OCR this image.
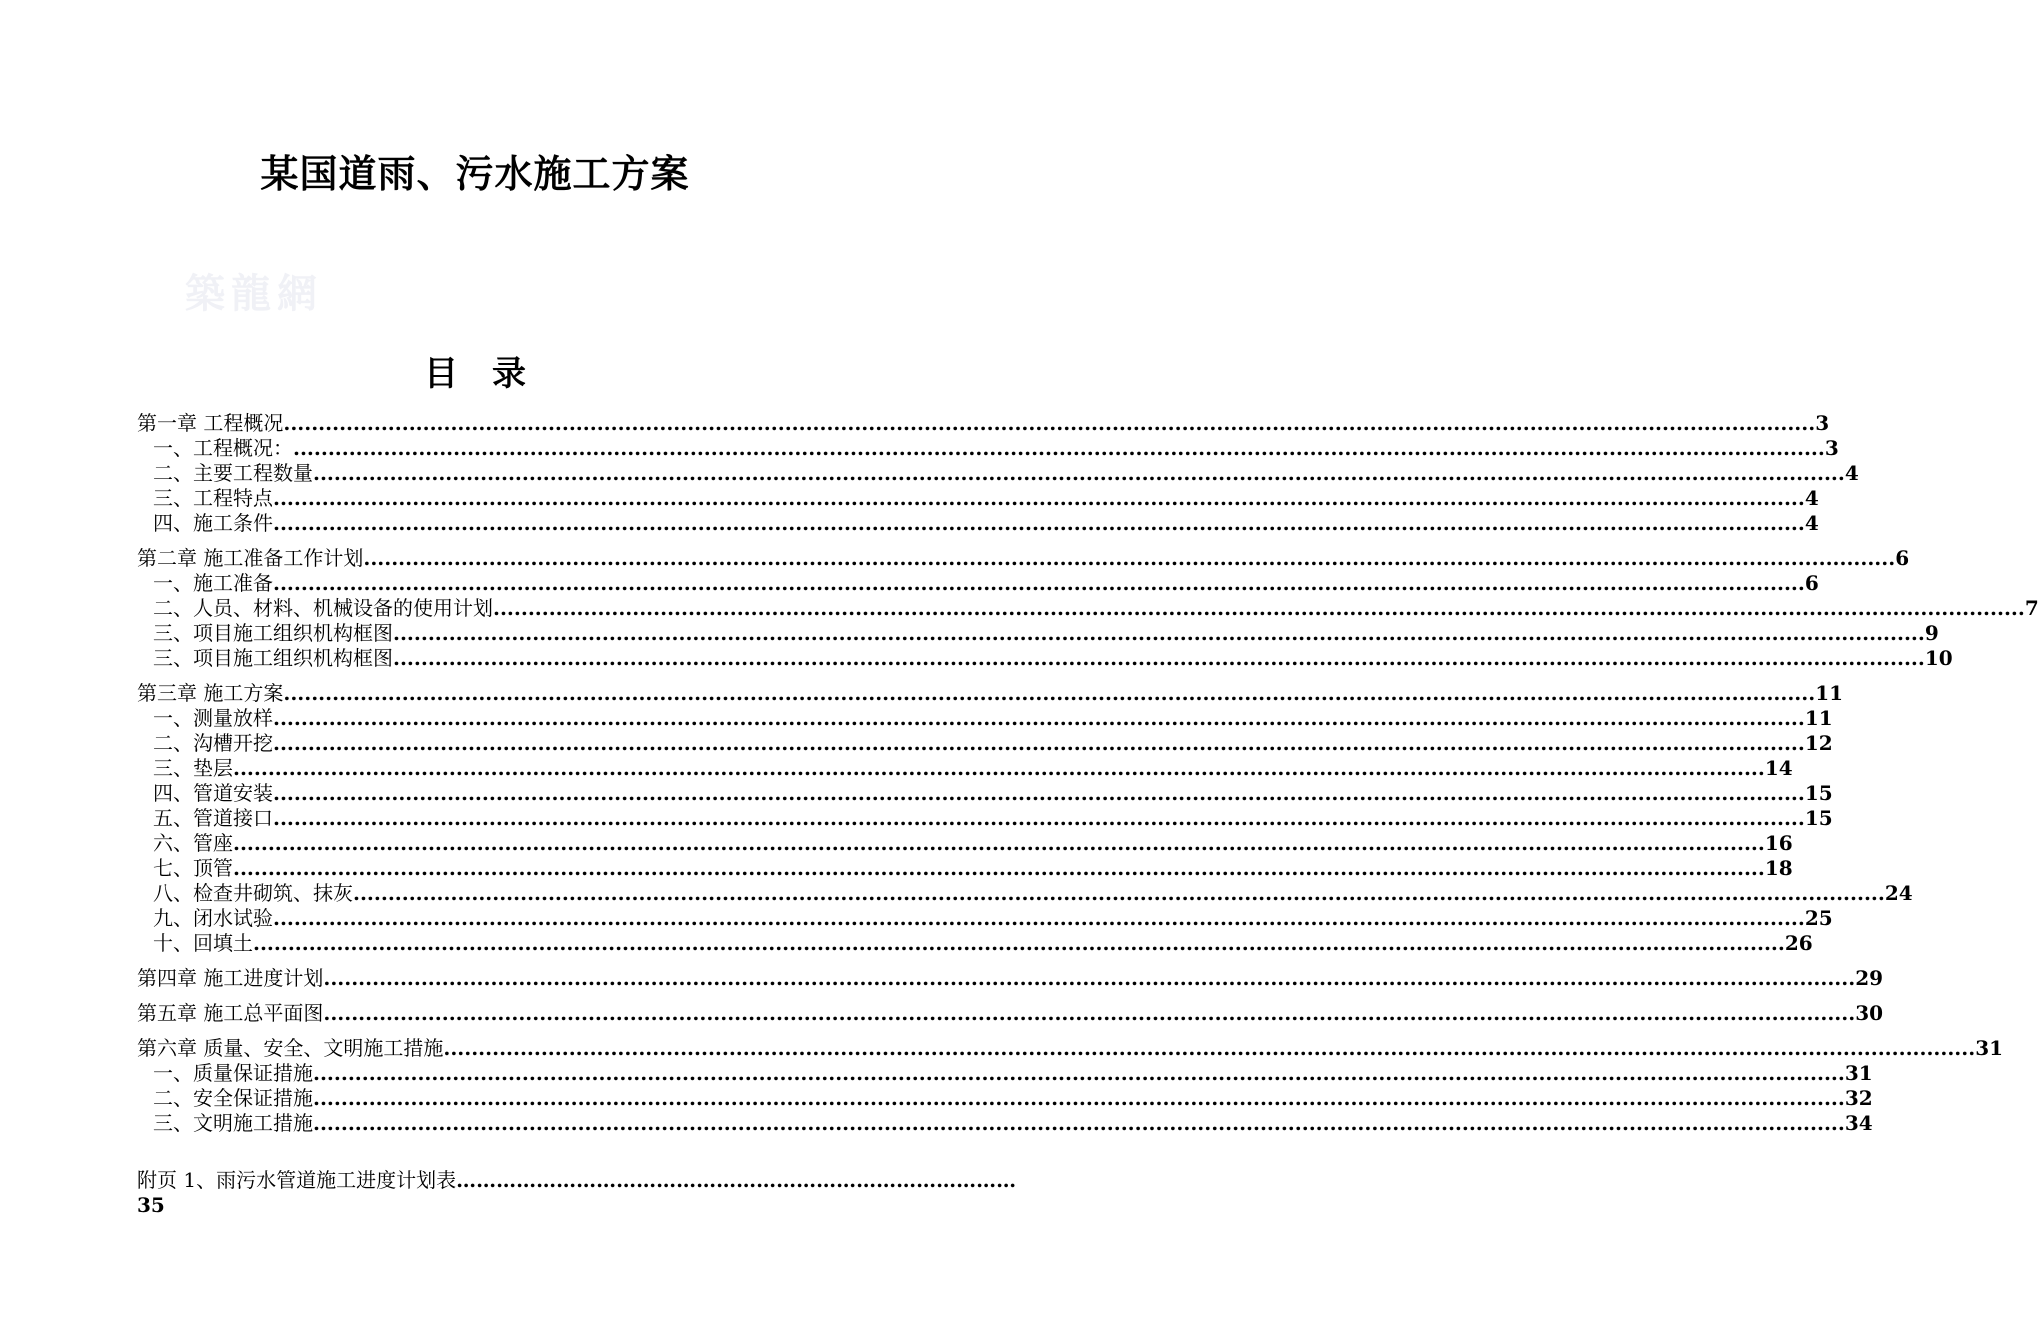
某国道雨、污水施工方案
築龍網
目　录
第一章 工程概况 ............................................................................................................................................................................................................................ 3
一、工程概况： ............................................................................................................................................................................................................................ 3
二、主要工程数量 ............................................................................................................................................................................................................................ 4
三、工程特点 ............................................................................................................................................................................................................................ 4
四、施工条件 ............................................................................................................................................................................................................................ 4
第二章 施工准备工作计划 ............................................................................................................................................................................................................................ 6
一、施工准备 ............................................................................................................................................................................................................................ 6
二、人员、材料、机械设备的使用计划 ............................................................................................................................................................................................................................ 7
三、项目施工组织机构框图 ............................................................................................................................................................................................................................ 9
三、项目施工组织机构框图 ............................................................................................................................................................................................................................ 10
第三章 施工方案 ............................................................................................................................................................................................................................ 11
一、测量放样 ............................................................................................................................................................................................................................ 11
二、沟槽开挖 ............................................................................................................................................................................................................................ 12
三、垫层 ............................................................................................................................................................................................................................ 14
四、管道安装 ............................................................................................................................................................................................................................ 15
五、管道接口 ............................................................................................................................................................................................................................ 15
六、管座 ............................................................................................................................................................................................................................ 16
七、顶管 ............................................................................................................................................................................................................................ 18
八、检查井砌筑、抹灰 ............................................................................................................................................................................................................................ 24
九、闭水试验 ............................................................................................................................................................................................................................ 25
十、回填土 ............................................................................................................................................................................................................................ 26
第四章 施工进度计划 ............................................................................................................................................................................................................................ 29
第五章 施工总平面图 ............................................................................................................................................................................................................................ 30
第六章 质量、安全、文明施工措施 ............................................................................................................................................................................................................................ 31
一、质量保证措施 ............................................................................................................................................................................................................................ 31
二、安全保证措施 ............................................................................................................................................................................................................................ 32
三、文明施工措施 ............................................................................................................................................................................................................................ 34
附页 1、雨污水管道施工进度计划表 …………………………………………………………………………
35
